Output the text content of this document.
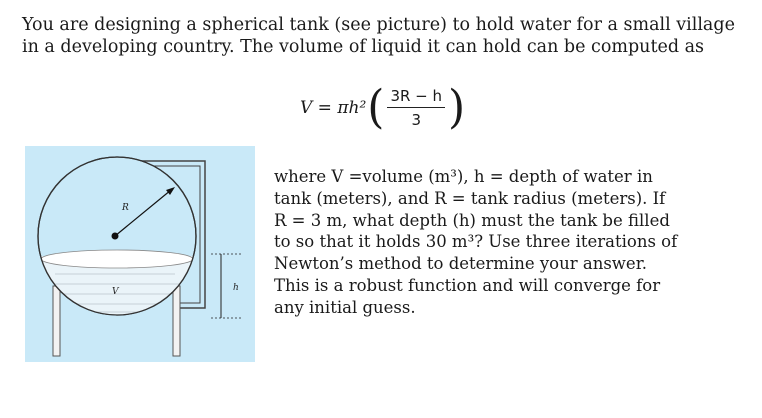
You are designing a spherical tank (see picture) to hold water for a small village in a developing country. The volume of liquid it can hold can be computed as

V = πh² ( $\frac{3R - h}{3}$ )
R
V	h

where V =volume (m³), h = depth of water in

tank (meters), and R = tank radius (meters). If

R = 3 m, what depth (h) must the tank be filled

to so that it holds 30 m³? Use three iterations of

Newton’s method to determine your answer.

This is a robust function and will converge for

any initial guess.
